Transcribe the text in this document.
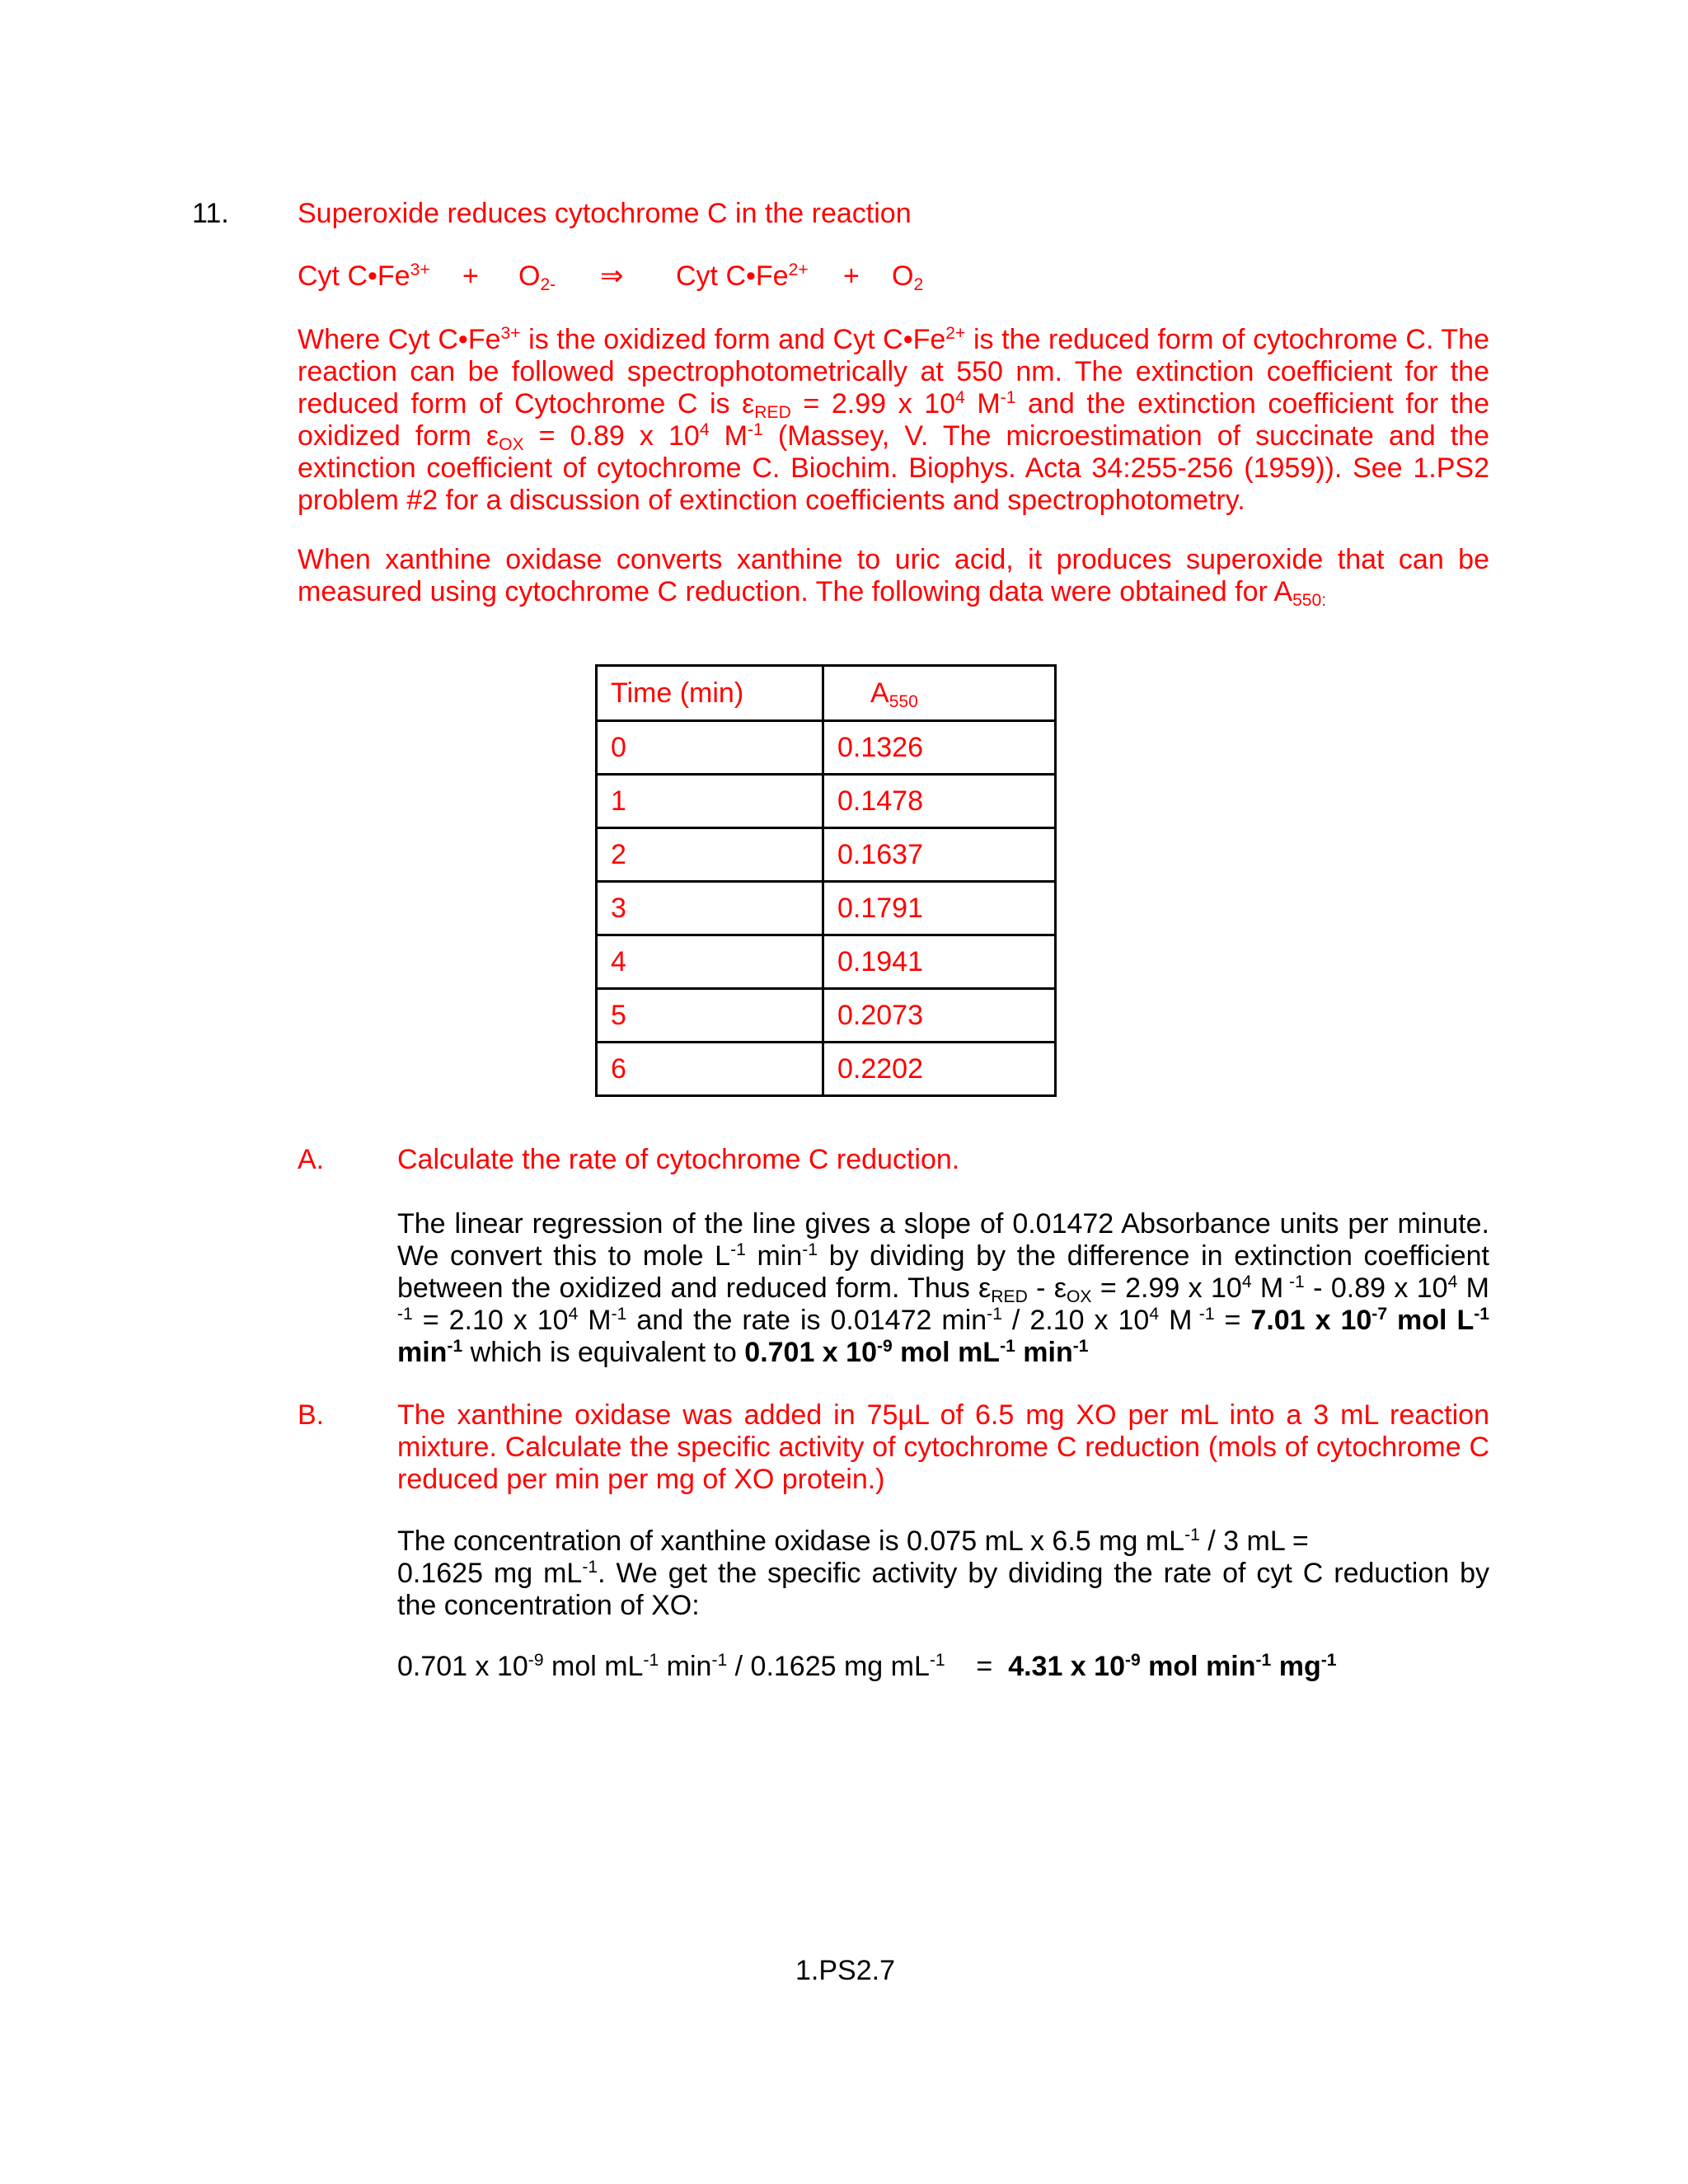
11. Superoxide reduces cytochrome C in the reaction
Cyt $C•Fe^{3+} + O_{2-}$ ⇒ Cyt $C•Fe^{2+} + O_2$
Where Cyt $C•Fe^{3+}$ is the oxidized form and Cyt $C•Fe^{2+}$ is the reduced form of cytochrome C. The reaction can be followed spectrophotometrically at 550 nm. The extinction coefficient for the reduced form of Cytochrome C is $\varepsilon_{RED} = 2.99$ x $10^4$ $M^{-1}$ and the extinction coefficient for the oxidized form $\varepsilon_{OX} = 0.89$ x $10^4$ $M^{-1}$ (Massey, V. The microestimation of succinate and the extinction coefficient of cytochrome C. Biochim. Biophys. Acta 34:255-256 (1959)). See 1.PS2 problem #2 for a discussion of extinction coefficients and spectrophotometry.
When xanthine oxidase converts xanthine to uric acid, it produces superoxide that can be measured using cytochrome C reduction. The following data were obtained for $A_{550:}$
Time (min)	$A_{550}$
0	0.1326
1	0.1478
2	0.1637
3	0.1791
4	0.1941
5	0.2073
6	0.2202
A.	Calculate the rate of cytochrome C reduction.
The linear regression of the line gives a slope of 0.01472 Absorbance units per minute. We convert this to mole $L^{-1}$ $\min^{-1}$ by dividing by the difference in extinction coefficient between the oxidized and reduced form. Thus $\varepsilon_{RED} - \varepsilon_{OX} = 2.99$ x $10^4$ M $^{-1}$ - 0.89 x $10^4$ M $^{-1}$ = 2.10 x $10^4$ $M^{-1}$ and the rate is 0.01472 $\min^{-1} / 2.10$ x $10^4$ M $^{-1}$ = 7.01 x $10^{-7}$ mol $L^{-1}$ $\min^{-1}$ which is equivalent to 0.701 x $10^{-9}$ mol $mL^{-1}$ $\min^{-1}$
B.	The xanthine oxidase was added in 75µL of 6.5 mg XO per mL into a 3 mL reaction mixture. Calculate the specific activity of cytochrome C reduction (mols of cytochrome C reduced per min per mg of XO protein.)
The concentration of xanthine oxidase is 0.075 mL x 6.5 mg $mL^{-1} / 3$ mL =
0.1625 mg $mL^{-1}$. We get the specific activity by dividing the rate of cyt C reduction by the concentration of XO:
0.701 x $10^{-9}$ mol $mL^{-1}$ $\min^{-1} / 0.1625$ mg $mL^{-1}$    =  4.31 x $10^{-9}$ mol $\min^{-1} mg^{-1}$
1.PS2.7
